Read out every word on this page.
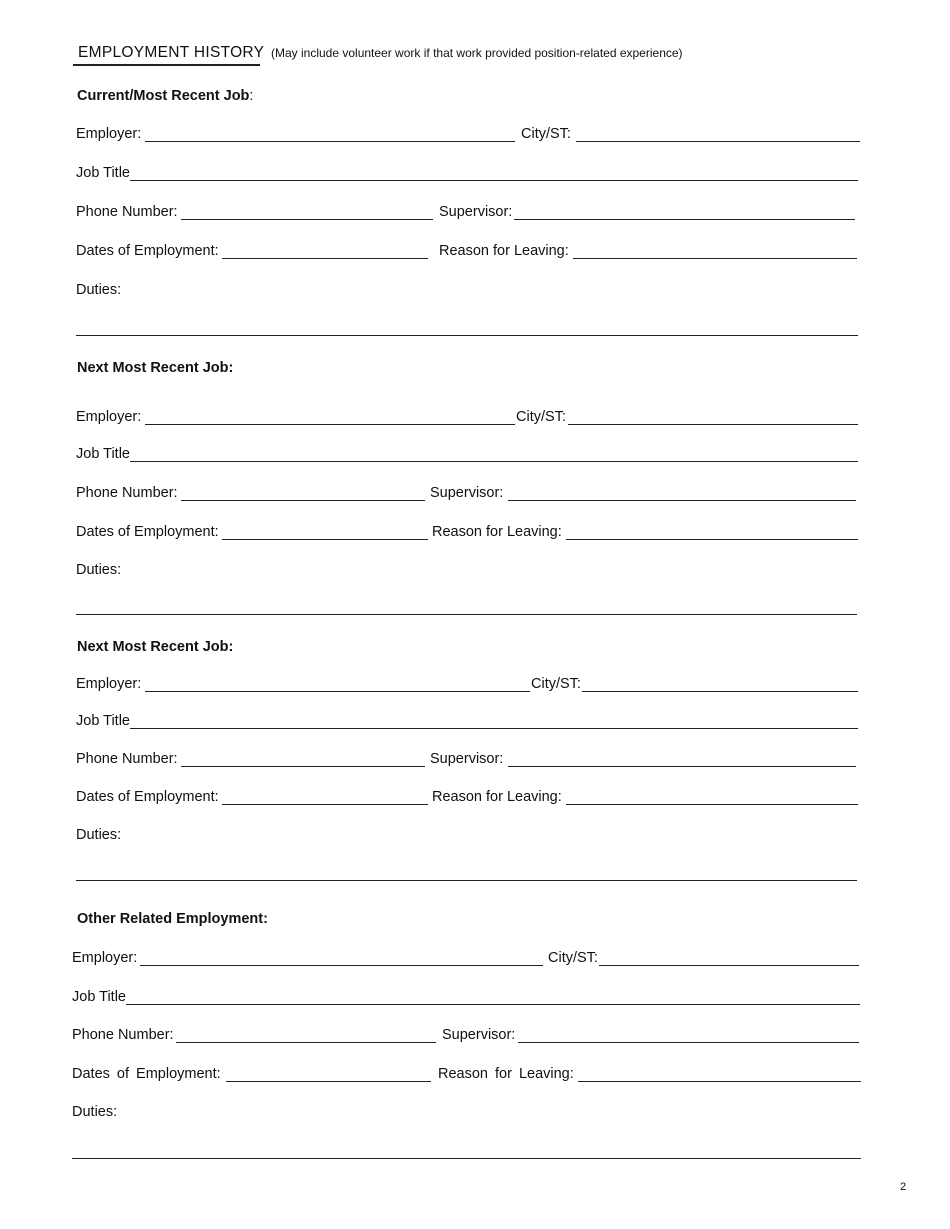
EMPLOYMENT HISTORY (May include volunteer work if that work provided position-related experience)
Current/Most Recent Job:
Employer:	City/ST:
Job Title
Phone Number:	Supervisor:
Dates of Employment:	Reason for Leaving:
Duties:
Next Most Recent Job:
Employer:	City/ST:
Job Title
Phone Number:	Supervisor:
Dates of Employment:	Reason for Leaving:
Duties:
Next Most Recent Job:
Employer:	City/ST:
Job Title
Phone Number:	Supervisor:
Dates of Employment:	Reason for Leaving:
Duties:
Other Related Employment:
Employer:	City/ST:
Job Title
Phone Number:	Supervisor:
Dates of Employment:	Reason for Leaving:
Duties:
2
